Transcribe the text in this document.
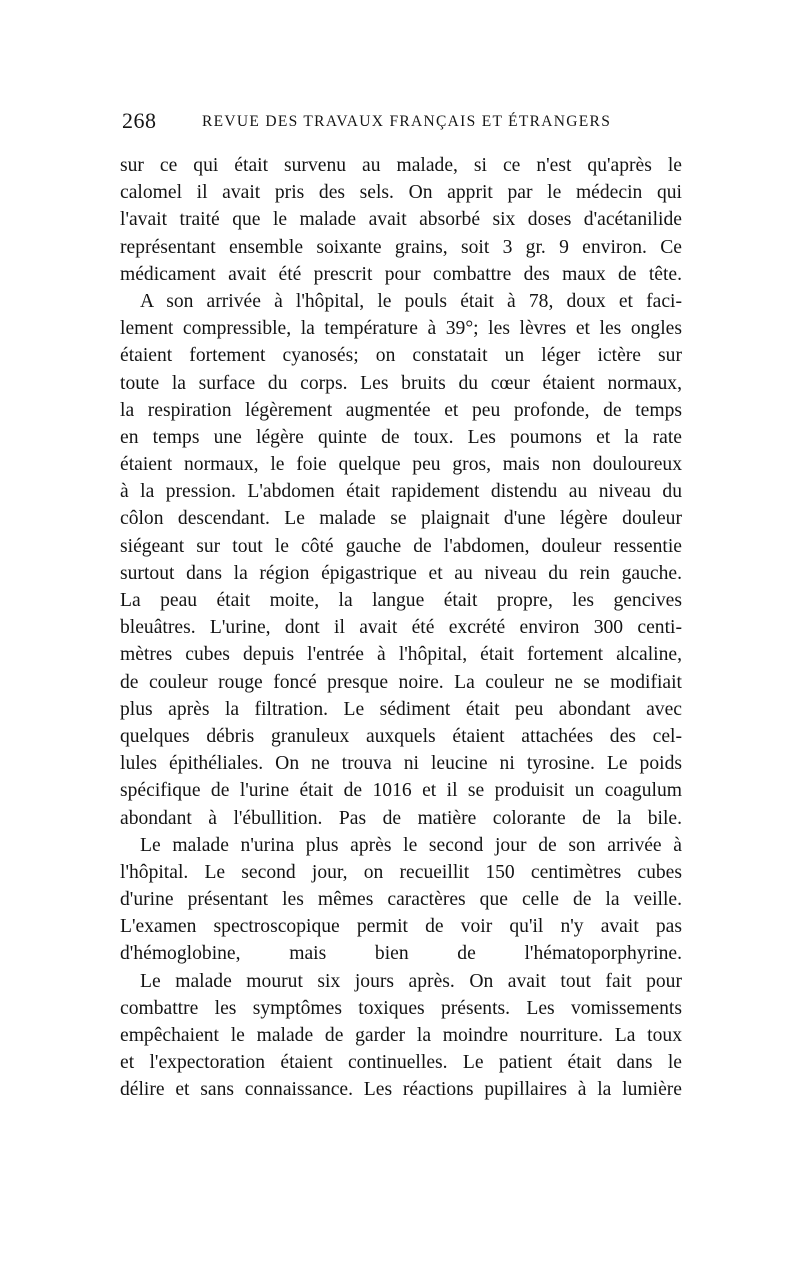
268	REVUE DES TRAVAUX FRANÇAIS ET ÉTRANGERS
sur ce qui était survenu au malade, si ce n'est qu'après le
calomel il avait pris des sels. On apprit par le médecin qui
l'avait traité que le malade avait absorbé six doses d'acétanilide
représentant ensemble soixante grains, soit 3 gr. 9 environ. Ce
médicament avait été prescrit pour combattre des maux de tête.
A son arrivée à l'hôpital, le pouls était à 78, doux et faci-
lement compressible, la température à 39°; les lèvres et les ongles
étaient fortement cyanosés; on constatait un léger ictère sur
toute la surface du corps. Les bruits du cœur étaient normaux,
la respiration légèrement augmentée et peu profonde, de temps
en temps une légère quinte de toux. Les poumons et la rate
étaient normaux, le foie quelque peu gros, mais non douloureux
à la pression. L'abdomen était rapidement distendu au niveau du
côlon descendant. Le malade se plaignait d'une légère douleur
siégeant sur tout le côté gauche de l'abdomen, douleur ressentie
surtout dans la région épigastrique et au niveau du rein gauche.
La peau était moite, la langue était propre, les gencives
bleuâtres. L'urine, dont il avait été excrété environ 300 centi-
mètres cubes depuis l'entrée à l'hôpital, était fortement alcaline,
de couleur rouge foncé presque noire. La couleur ne se modifiait
plus après la filtration. Le sédiment était peu abondant avec
quelques débris granuleux auxquels étaient attachées des cel-
lules épithéliales. On ne trouva ni leucine ni tyrosine. Le poids
spécifique de l'urine était de 1016 et il se produisit un coagulum
abondant à l'ébullition. Pas de matière colorante de la bile.
Le malade n'urina plus après le second jour de son arrivée à
l'hôpital. Le second jour, on recueillit 150 centimètres cubes
d'urine présentant les mêmes caractères que celle de la veille.
L'examen spectroscopique permit de voir qu'il n'y avait pas
d'hémoglobine, mais bien de l'hématoporphyrine.
Le malade mourut six jours après. On avait tout fait pour
combattre les symptômes toxiques présents. Les vomissements
empêchaient le malade de garder la moindre nourriture. La toux
et l'expectoration étaient continuelles. Le patient était dans le
délire et sans connaissance. Les réactions pupillaires à la lumière
